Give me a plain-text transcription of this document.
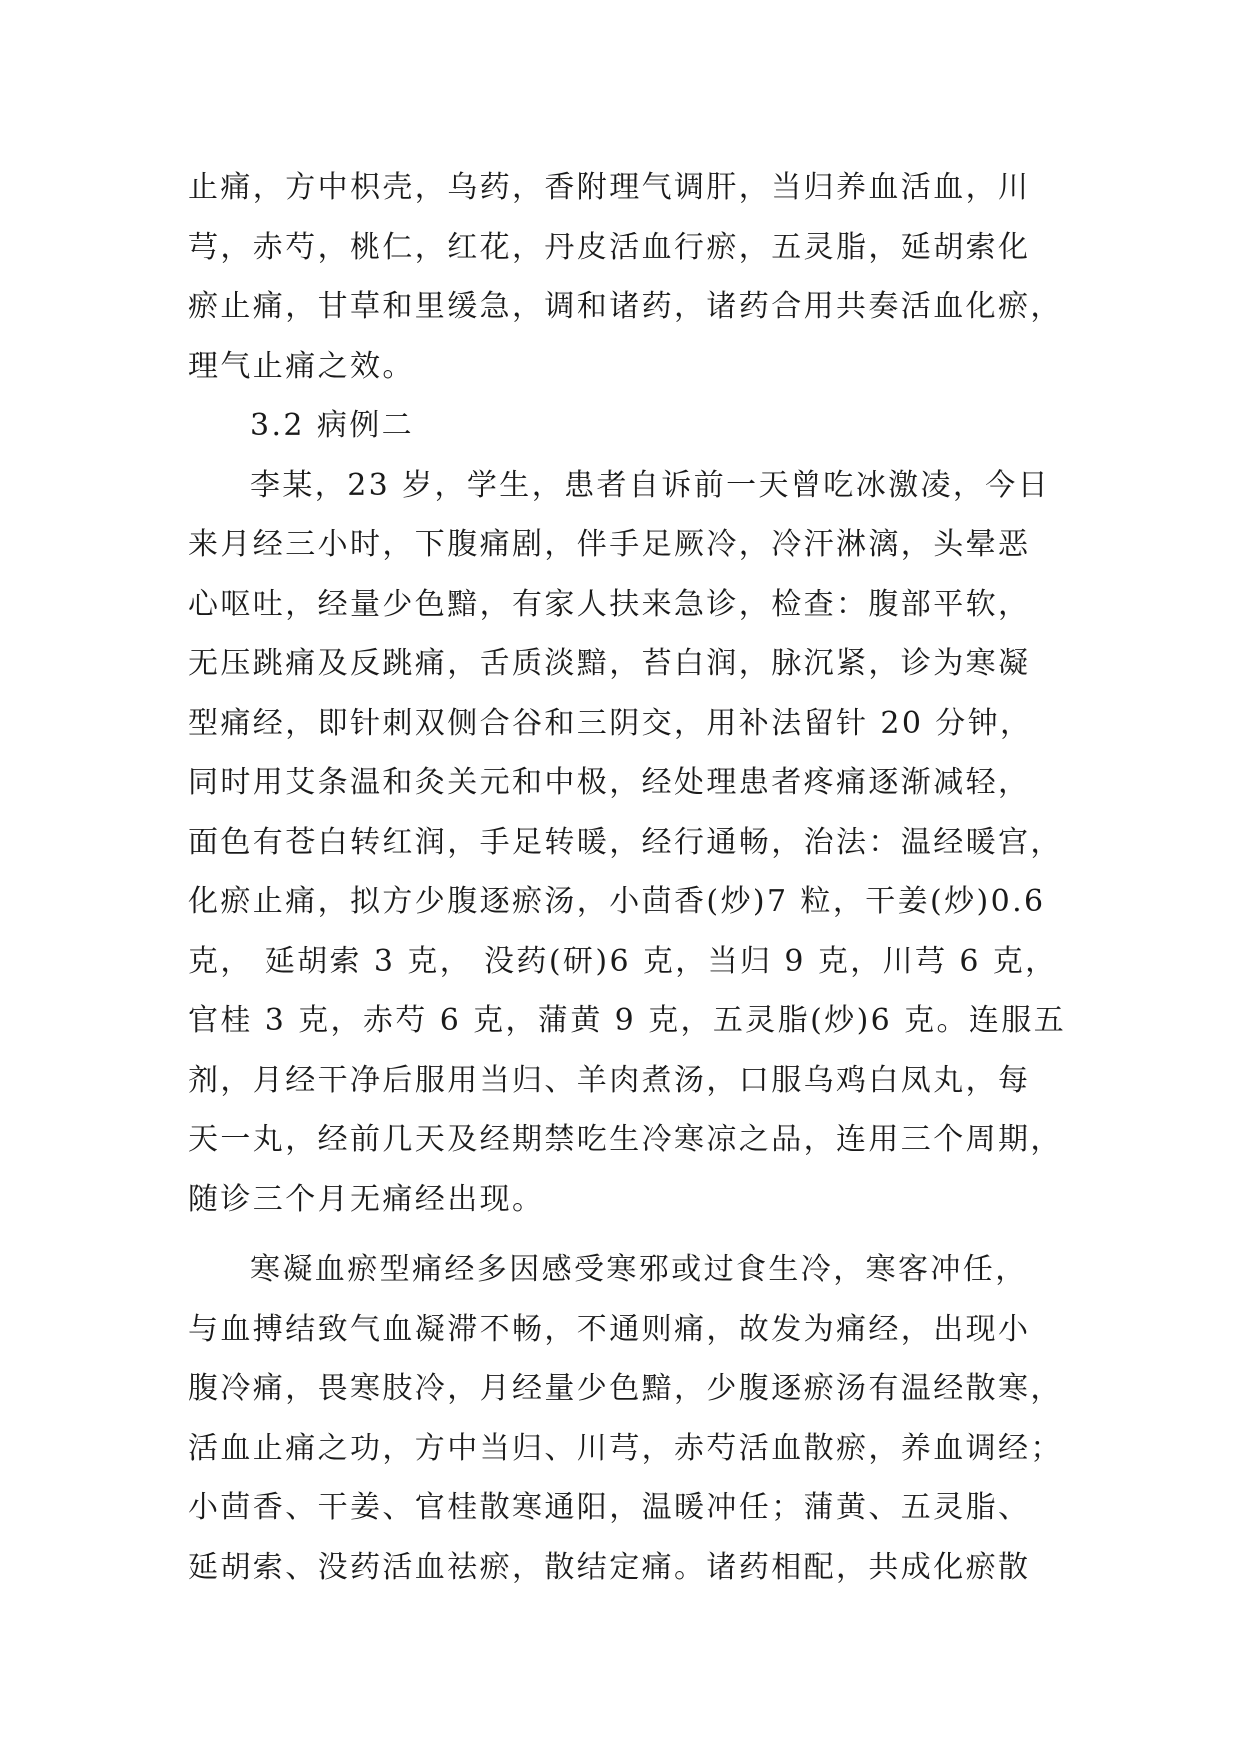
止痛，方中枳壳，乌药，香附理气调肝，当归养血活血，川
芎，赤芍，桃仁，红花，丹皮活血行瘀，五灵脂，延胡索化
瘀止痛，甘草和里缓急，调和诸药，诸药合用共奏活血化瘀，
理气止痛之效。
3.2 病例二
李某，23 岁，学生，患者自诉前一天曾吃冰激凌，今日
来月经三小时，下腹痛剧，伴手足厥冷，冷汗淋漓，头晕恶
心呕吐，经量少色黯，有家人扶来急诊，检查：腹部平软，
无压跳痛及反跳痛，舌质淡黯，苔白润，脉沉紧，诊为寒凝
型痛经，即针刺双侧合谷和三阴交，用补法留针 20 分钟，
同时用艾条温和灸关元和中极，经处理患者疼痛逐渐减轻，
面色有苍白转红润，手足转暖，经行通畅，治法：温经暖宫，
化瘀止痛，拟方少腹逐瘀汤，小茴香(炒)7 粒，干姜(炒)0.6
克， 延胡索 3 克， 没药(研)6 克，当归 9 克，川芎 6 克，
官桂 3 克，赤芍 6 克，蒲黄 9 克，五灵脂(炒)6 克。连服五
剂，月经干净后服用当归、羊肉煮汤，口服乌鸡白凤丸，每
天一丸，经前几天及经期禁吃生冷寒凉之品，连用三个周期，
随诊三个月无痛经出现。
寒凝血瘀型痛经多因感受寒邪或过食生冷，寒客冲任，
与血搏结致气血凝滞不畅，不通则痛，故发为痛经，出现小
腹冷痛，畏寒肢冷，月经量少色黯，少腹逐瘀汤有温经散寒，
活血止痛之功，方中当归、川芎，赤芍活血散瘀，养血调经；
小茴香、干姜、官桂散寒通阳，温暖冲任；蒲黄、五灵脂、
延胡索、没药活血祛瘀，散结定痛。诸药相配，共成化瘀散
